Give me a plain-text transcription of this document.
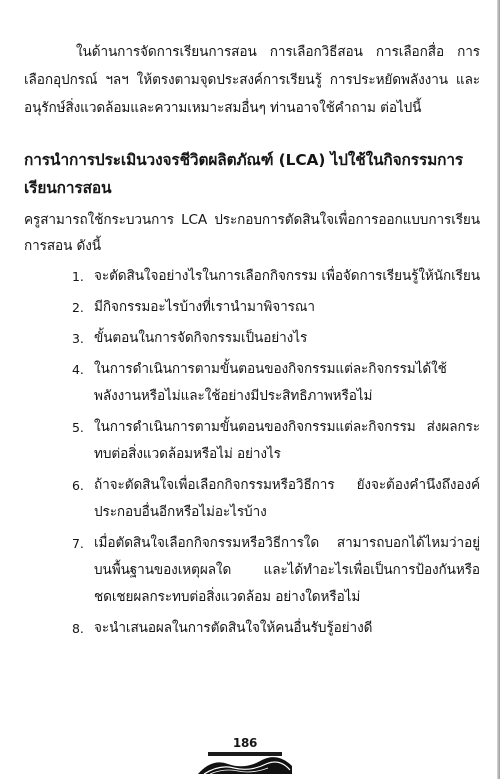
ในด้านการจัดการเรียนการสอน การเลือกวิธีสอน การเลือกสื่อ การเลือกอุปกรณ์ ฯลฯ ให้ตรงตามจุดประสงค์การเรียนรู้ การประหยัดพลังงาน และอนุรักษ์สิ่งแวดล้อมและความเหมาะสมอื่นๆ ท่านอาจใช้คำถาม ต่อไปนี้

การนำการประเมินวงจรชีวิตผลิตภัณฑ์ (LCA) ไปใช้ในกิจกรรมการเรียนการสอน

ครูสามารถใช้กระบวนการ LCA ประกอบการตัดสินใจเพื่อการออกแบบการเรียนการสอน ดังนี้

1. จะตัดสินใจอย่างไรในการเลือกกิจกรรม เพื่อจัดการเรียนรู้ให้นักเรียน
2. มีกิจกรรมอะไรบ้างที่เรานำมาพิจารณา
3. ขั้นตอนในการจัดกิจกรรมเป็นอย่างไร
4. ในการดำเนินการตามขั้นตอนของกิจกรรมแต่ละกิจกรรมได้ใช้พลังงานหรือไม่และใช้อย่างมีประสิทธิภาพหรือไม่
5. ในการดำเนินการตามขั้นตอนของกิจกรรมแต่ละกิจกรรม ส่งผลกระทบต่อสิ่งแวดล้อมหรือไม่ อย่างไร
6. ถ้าจะตัดสินใจเพื่อเลือกกิจกรรมหรือวิธีการ ยังจะต้องคำนึงถึงองค์ประกอบอื่นอีกหรือไม่อะไรบ้าง
7. เมื่อตัดสินใจเลือกกิจกรรมหรือวิธีการใด สามารถบอกได้ไหมว่าอยู่บนพื้นฐานของเหตุผลใด และได้ทำอะไรเพื่อเป็นการป้องกันหรือชดเชยผลกระทบต่อสิ่งแวดล้อม อย่างใดหรือไม่
8. จะนำเสนอผลในการตัดสินใจให้คนอื่นรับรู้อย่างดี
186
